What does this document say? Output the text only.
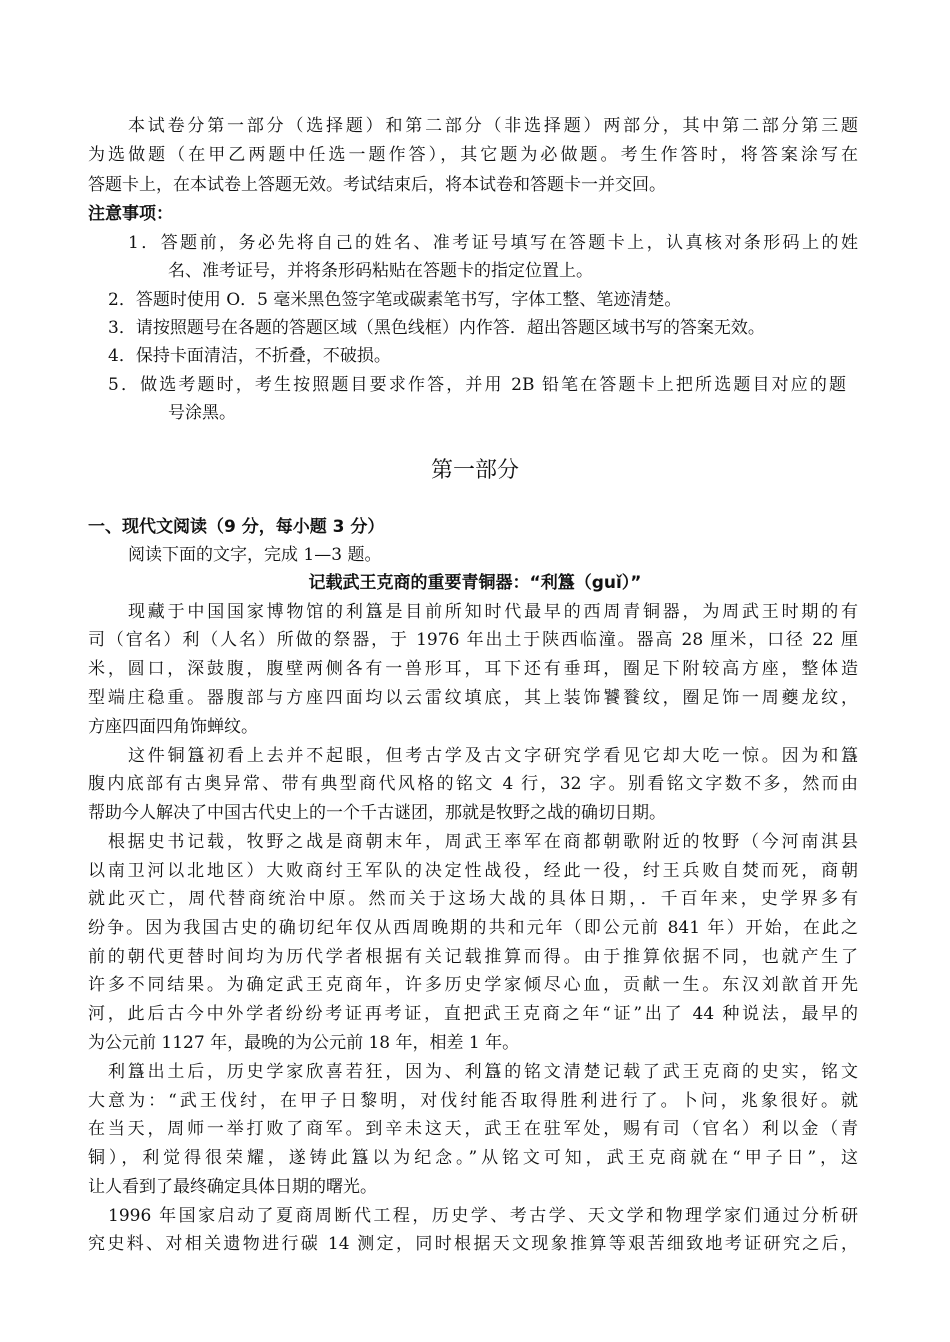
本试卷分第一部分（选择题）和第二部分（非选择题）两部分，其中第二部分第三题
为选做题（在甲乙两题中任选一题作答），其它题为必做题。考生作答时，将答案涂写在
答题卡上，在本试卷上答题无效。考试结束后，将本试卷和答题卡一并交回。
注意事项：
1．答题前，务必先将自己的姓名、准考证号填写在答题卡上，认真核对条形码上的姓
名、准考证号，并将条形码粘贴在答题卡的指定位置上。
2．答题时使用 O．5 毫米黑色签字笔或碳素笔书写，字体工整、笔迹清楚。
3．请按照题号在各题的答题区域（黑色线框）内作答．超出答题区域书写的答案无效。
4．保持卡面清洁，不折叠，不破损。
5．做选考题时，考生按照题目要求作答，并用 2B 铅笔在答题卡上把所选题目对应的题
号涂黑。
第一部分
一、现代文阅读（9 分，每小题 3 分）
阅读下面的文字，完成 1—3 题。
记载武王克商的重要青铜器：“利簋（guǐ）”
现藏于中国国家博物馆的利簋是目前所知时代最早的西周青铜器，为周武王时期的有
司（官名）利（人名）所做的祭器，于 1976 年出土于陕西临潼。器高 28 厘米，口径 22 厘
米，圆口，深鼓腹，腹壁两侧各有一兽形耳，耳下还有垂珥，圈足下附较高方座，整体造
型端庄稳重。器腹部与方座四面均以云雷纹填底，其上装饰饕餮纹，圈足饰一周夔龙纹，
方座四面四角饰蝉纹。
这件铜簋初看上去并不起眼，但考古学及古文字研究学看见它却大吃一惊。因为和簋
腹内底部有古奥异常、带有典型商代风格的铭文 4 行，32 字。别看铭文字数不多，然而由
帮助今人解决了中国古代史上的一个千古谜团，那就是牧野之战的确切日期。
根据史书记载，牧野之战是商朝末年，周武王率军在商都朝歌附近的牧野（今河南淇县
以南卫河以北地区）大败商纣王军队的决定性战役，经此一役，纣王兵败自焚而死，商朝
就此灭亡，周代替商统治中原。然而关于这场大战的具体日期，．千百年来，史学界多有
纷争。因为我国古史的确切纪年仅从西周晚期的共和元年（即公元前 841 年）开始，在此之
前的朝代更替时间均为历代学者根据有关记载推算而得。由于推算依据不同，也就产生了
许多不同结果。为确定武王克商年，许多历史学家倾尽心血，贡献一生。东汉刘歆首开先
河，此后古今中外学者纷纷考证再考证，直把武王克商之年“证”出了 44 种说法，最早的
为公元前 1127 年，最晚的为公元前 18 年，相差 1 年。
利簋出土后，历史学家欣喜若狂，因为、利簋的铭文清楚记载了武王克商的史实，铭文
大意为：“武王伐纣，在甲子日黎明，对伐纣能否取得胜利进行了。卜问，兆象很好。就
在当天，周师一举打败了商军。到辛未这天，武王在驻军处，赐有司（官名）利以金（青
铜），利觉得很荣耀，遂铸此簋以为纪念。”从铭文可知，武王克商就在“甲子日”，这
让人看到了最终确定具体日期的曙光。
1996 年国家启动了夏商周断代工程，历史学、考古学、天文学和物理学家们通过分析研
究史料、对相关遗物进行碳 14 测定，同时根据天文现象推算等艰苦细致地考证研究之后，
